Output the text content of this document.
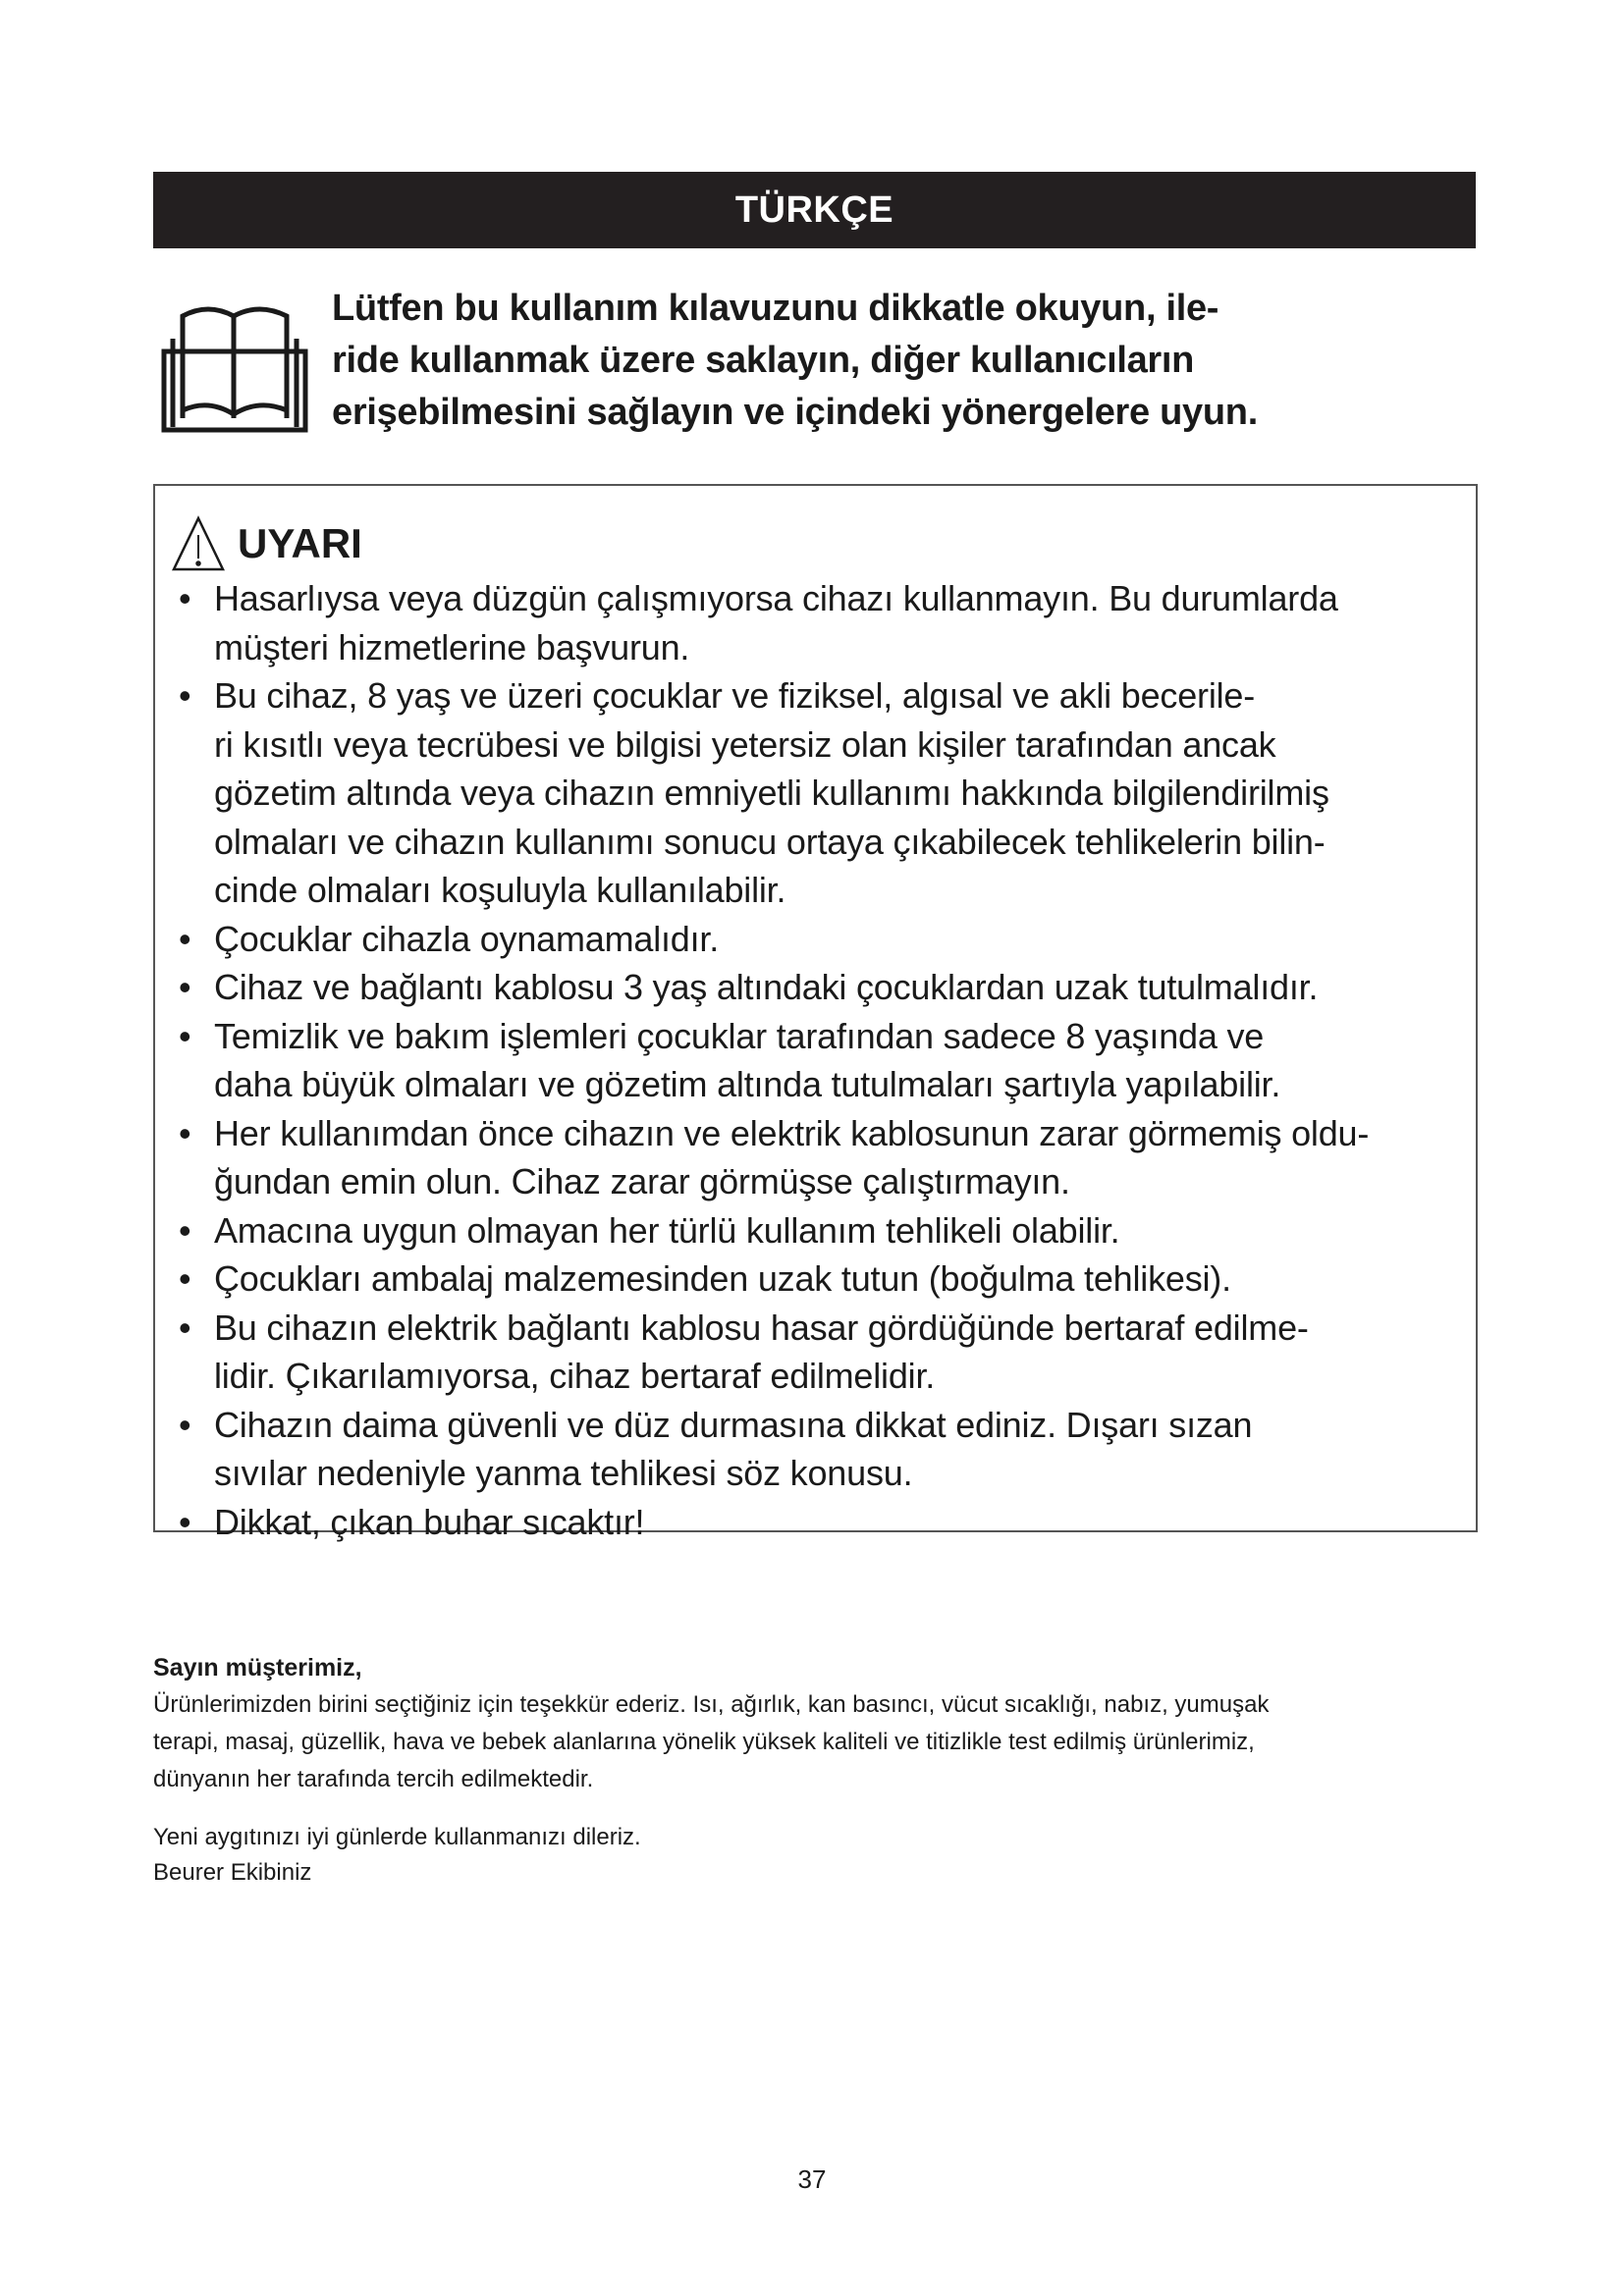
TÜRKÇE
Lütfen bu kullanım kılavuzunu dikkatle okuyun, ile-
ride kullanmak üzere saklayın, diğer kullanıcıların
erişebilmesini sağlayın ve içindeki yönergelere uyun.
UYARI
• Hasarlıysa veya düzgün çalışmıyorsa cihazı kullanmayın. Bu durumlarda
müşteri hizmetlerine başvurun.
• Bu cihaz, 8 yaş ve üzeri çocuklar ve fiziksel, algısal ve akli becerile-
ri kısıtlı veya tecrübesi ve bilgisi yetersiz olan kişiler tarafından ancak
gözetim altında veya cihazın emniyetli kullanımı hakkında bilgilendirilmiş
olmaları ve cihazın kullanımı sonucu ortaya çıkabilecek tehlikelerin bilin-
cinde olmaları koşuluyla kullanılabilir.
• Çocuklar cihazla oynamamalıdır.
• Cihaz ve bağlantı kablosu 3 yaş altındaki çocuklardan uzak tutulmalıdır.
• Temizlik ve bakım işlemleri çocuklar tarafından sadece 8 yaşında ve
daha büyük olmaları ve gözetim altında tutulmaları şartıyla yapılabilir.
• Her kullanımdan önce cihazın ve elektrik kablosunun zarar görmemiş oldu-
ğundan emin olun. Cihaz zarar görmüşse çalıştırmayın.
• Amacına uygun olmayan her türlü kullanım tehlikeli olabilir.
• Çocukları ambalaj malzemesinden uzak tutun (boğulma tehlikesi).
• Bu cihazın elektrik bağlantı kablosu hasar gördüğünde bertaraf edilme-
lidir. Çıkarılamıyorsa, cihaz bertaraf edilmelidir.
• Cihazın daima güvenli ve düz durmasına dikkat ediniz. Dışarı sızan
sıvılar nedeniyle yanma tehlikesi söz konusu.
• Dikkat, çıkan buhar sıcaktır!
Sayın müşterimiz,
Ürünlerimizden birini seçtiğiniz için teşekkür ederiz. Isı, ağırlık, kan basıncı, vücut sıcaklığı, nabız, yumuşak
terapi, masaj, güzellik, hava ve bebek alanlarına yönelik yüksek kaliteli ve titizlikle test edilmiş ürünlerimiz,
dünyanın her tarafında tercih edilmektedir.
Yeni aygıtınızı iyi günlerde kullanmanızı dileriz.
Beurer Ekibiniz
37
